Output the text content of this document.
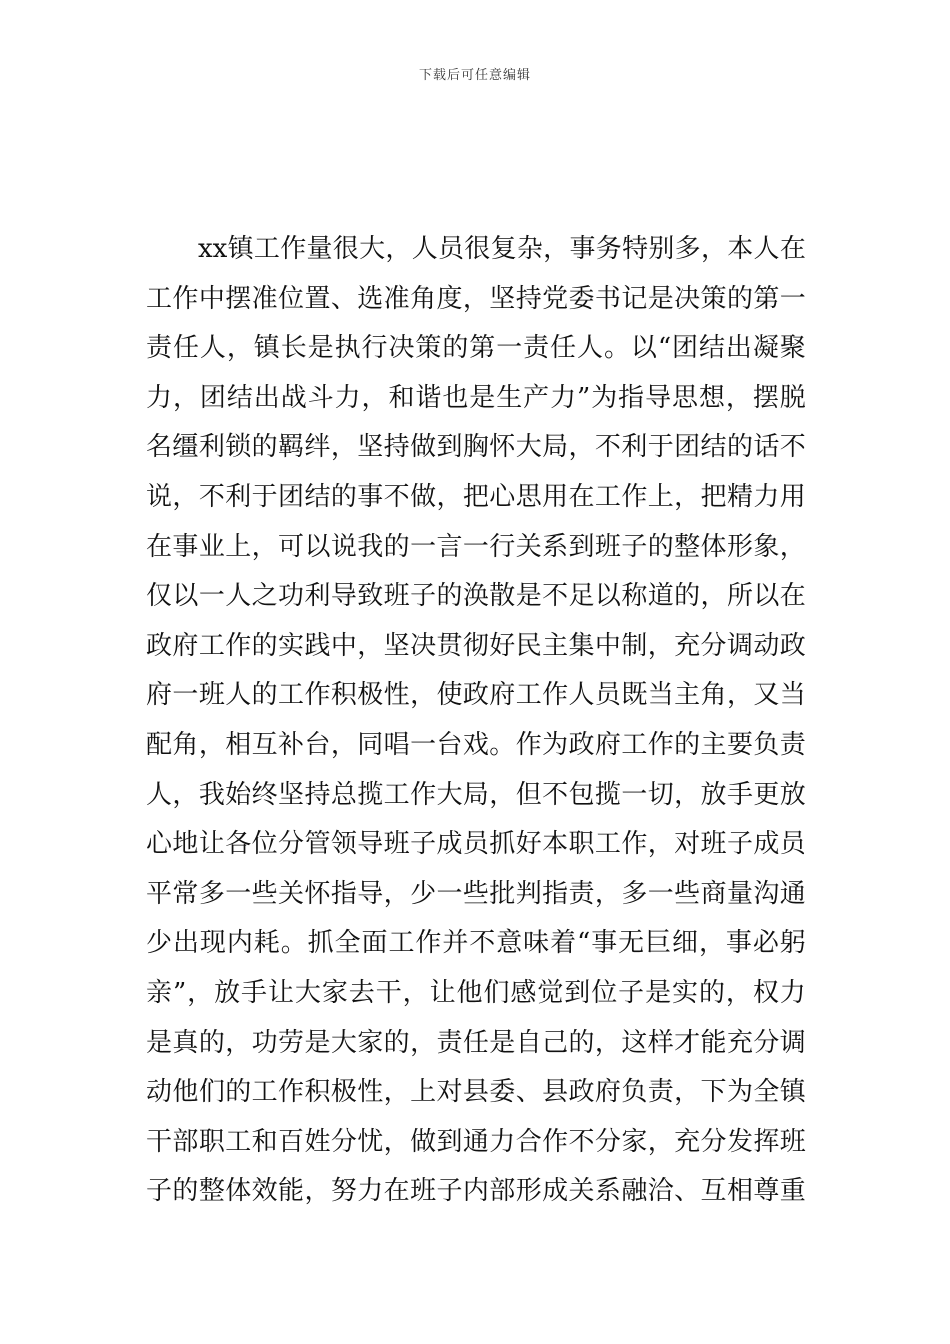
下载后可任意编辑
xx 镇 工 作 量 很 大 ， 人 员 很 复 杂 ， 事 务 特 别 多 ， 本 人 在
工 作 中 摆 准 位 置 、 选 准 角 度 ， 坚 持 党 委 书 记 是 决 策 的 第 一
责 任 人 ， 镇 长 是 执 行 决 策 的 第 一 责 任 人 。 以 “ 团 结 出 凝 聚
力 ， 团 结 出 战 斗 力 ， 和 谐 也 是 生 产 力 ” 为 指 导 思 想 ， 摆 脱
名 缰 利 锁 的 羁 绊 ， 坚 持 做 到 胸 怀 大 局 ， 不 利 于 团 结 的 话 不
说 ， 不 利 于 团 结 的 事 不 做 ， 把 心 思 用 在 工 作 上 ， 把 精 力 用
在 事 业 上 ， 可 以 说 我 的 一 言 一 行 关 系 到 班 子 的 整 体 形 象 ，
仅 以 一 人 之 功 利 导 致 班 子 的 涣 散 是 不 足 以 称 道 的 ， 所 以 在
政 府 工 作 的 实 践 中 ， 坚 决 贯 彻 好 民 主 集 中 制 ， 充 分 调 动 政
府 一 班 人 的 工 作 积 极 性 ， 使 政 府 工 作 人 员 既 当 主 角 ， 又 当
配 角 ， 相 互 补 台 ， 同 唱 一 台 戏 。 作 为 政 府 工 作 的 主 要 负 责
人 ， 我 始 终 坚 持 总 揽 工 作 大 局 ， 但 不 包 揽 一 切 ， 放 手 更 放
心 地 让 各 位 分 管 领 导 班 子 成 员 抓 好 本 职 工 作 ， 对 班 子 成 员
平 常 多 一 些 关 怀 指 导 ， 少 一 些 批 判 指 责 ， 多 一 些 商 量 沟 通
少 出 现 内 耗 。 抓 全 面 工 作 并 不 意 味 着 “ 事 无 巨 细 ， 事 必 躬
亲 ” ， 放 手 让 大 家 去 干 ， 让 他 们 感 觉 到 位 子 是 实 的 ， 权 力
是 真 的 ， 功 劳 是 大 家 的 ， 责 任 是 自 己 的 ， 这 样 才 能 充 分 调
动 他 们 的 工 作 积 极 性 ， 上 对 县 委 、 县 政 府 负 责 ， 下 为 全 镇
干 部 职 工 和 百 姓 分 忧 ， 做 到 通 力 合 作 不 分 家 ， 充 分 发 挥 班
子 的 整 体 效 能 ， 努 力 在 班 子 内 部 形 成 关 系 融 洽 、 互 相 尊 重
